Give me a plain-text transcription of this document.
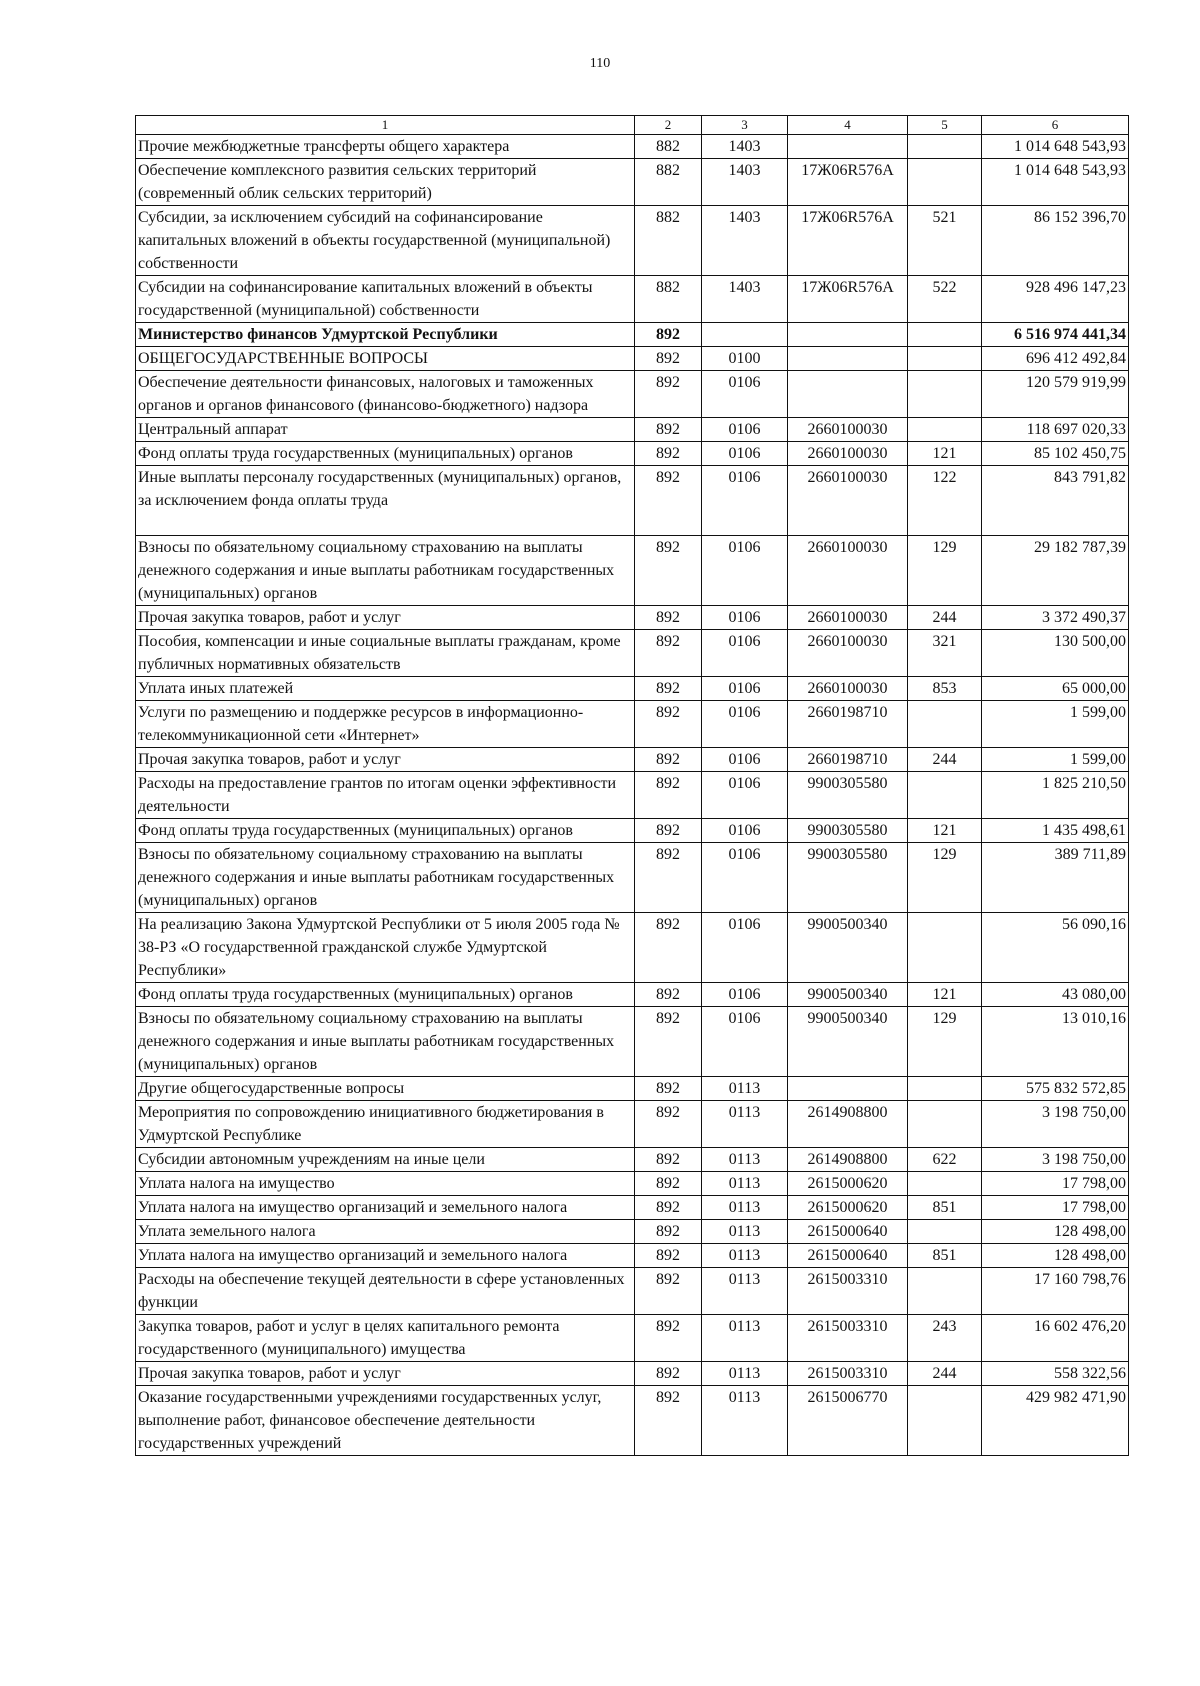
110
1	2	3	4	5	6
Прочие межбюджетные трансферты общего характера	882	1403			1 014 648 543,93
Обеспечение комплексного развития сельских территорий (современный облик сельских территорий)	882	1403	17Ж06R576A		1 014 648 543,93
Субсидии, за исключением субсидий на софинансирование капитальных вложений в объекты государственной (муниципальной) собственности	882	1403	17Ж06R576A	521	86 152 396,70
Субсидии на софинансирование капитальных вложений в объекты государственной (муниципальной) собственности	882	1403	17Ж06R576A	522	928 496 147,23
Министерство финансов Удмуртской Республики	892				6 516 974 441,34
ОБЩЕГОСУДАРСТВЕННЫЕ ВОПРОСЫ	892	0100			696 412 492,84
Обеспечение деятельности финансовых, налоговых и таможенных органов и органов финансового (финансово-бюджетного) надзора	892	0106			120 579 919,99
Центральный аппарат	892	0106	2660100030		118 697 020,33
Фонд оплаты труда государственных (муниципальных) органов	892	0106	2660100030	121	85 102 450,75
Иные выплаты персоналу государственных (муниципальных) органов, за исключением фонда оплаты труда	892	0106	2660100030	122	843 791,82
Взносы по обязательному социальному страхованию на выплаты денежного содержания и иные выплаты работникам государственных (муниципальных) органов	892	0106	2660100030	129	29 182 787,39
Прочая закупка товаров, работ и услуг	892	0106	2660100030	244	3 372 490,37
Пособия, компенсации и иные социальные выплаты гражданам, кроме публичных нормативных обязательств	892	0106	2660100030	321	130 500,00
Уплата иных платежей	892	0106	2660100030	853	65 000,00
Услуги по размещению и поддержке ресурсов в информационно-телекоммуникационной сети «Интернет»	892	0106	2660198710		1 599,00
Прочая закупка товаров, работ и услуг	892	0106	2660198710	244	1 599,00
Расходы на предоставление грантов по итогам оценки эффективности деятельности	892	0106	9900305580		1 825 210,50
Фонд оплаты труда государственных (муниципальных) органов	892	0106	9900305580	121	1 435 498,61
Взносы по обязательному социальному страхованию на выплаты денежного содержания и иные выплаты работникам государственных (муниципальных) органов	892	0106	9900305580	129	389 711,89
На реализацию Закона Удмуртской Республики от 5 июля 2005 года № 38-РЗ «О государственной гражданской службе Удмуртской Республики»	892	0106	9900500340		56 090,16
Фонд оплаты труда государственных (муниципальных) органов	892	0106	9900500340	121	43 080,00
Взносы по обязательному социальному страхованию на выплаты денежного содержания и иные выплаты работникам государственных (муниципальных) органов	892	0106	9900500340	129	13 010,16
Другие общегосударственные вопросы	892	0113			575 832 572,85
Мероприятия по сопровождению инициативного бюджетирования в Удмуртской Республике	892	0113	2614908800		3 198 750,00
Субсидии автономным учреждениям на иные цели	892	0113	2614908800	622	3 198 750,00
Уплата налога на имущество	892	0113	2615000620		17 798,00
Уплата налога на имущество организаций и земельного налога	892	0113	2615000620	851	17 798,00
Уплата земельного налога	892	0113	2615000640		128 498,00
Уплата налога на имущество организаций и земельного налога	892	0113	2615000640	851	128 498,00
Расходы на обеспечение текущей деятельности в сфере установленных функции	892	0113	2615003310		17 160 798,76
Закупка товаров, работ и услуг в целях капитального ремонта государственного (муниципального) имущества	892	0113	2615003310	243	16 602 476,20
Прочая закупка товаров, работ и услуг	892	0113	2615003310	244	558 322,56
Оказание государственными учреждениями государственных услуг, выполнение работ, финансовое обеспечение деятельности государственных учреждений	892	0113	2615006770		429 982 471,90
